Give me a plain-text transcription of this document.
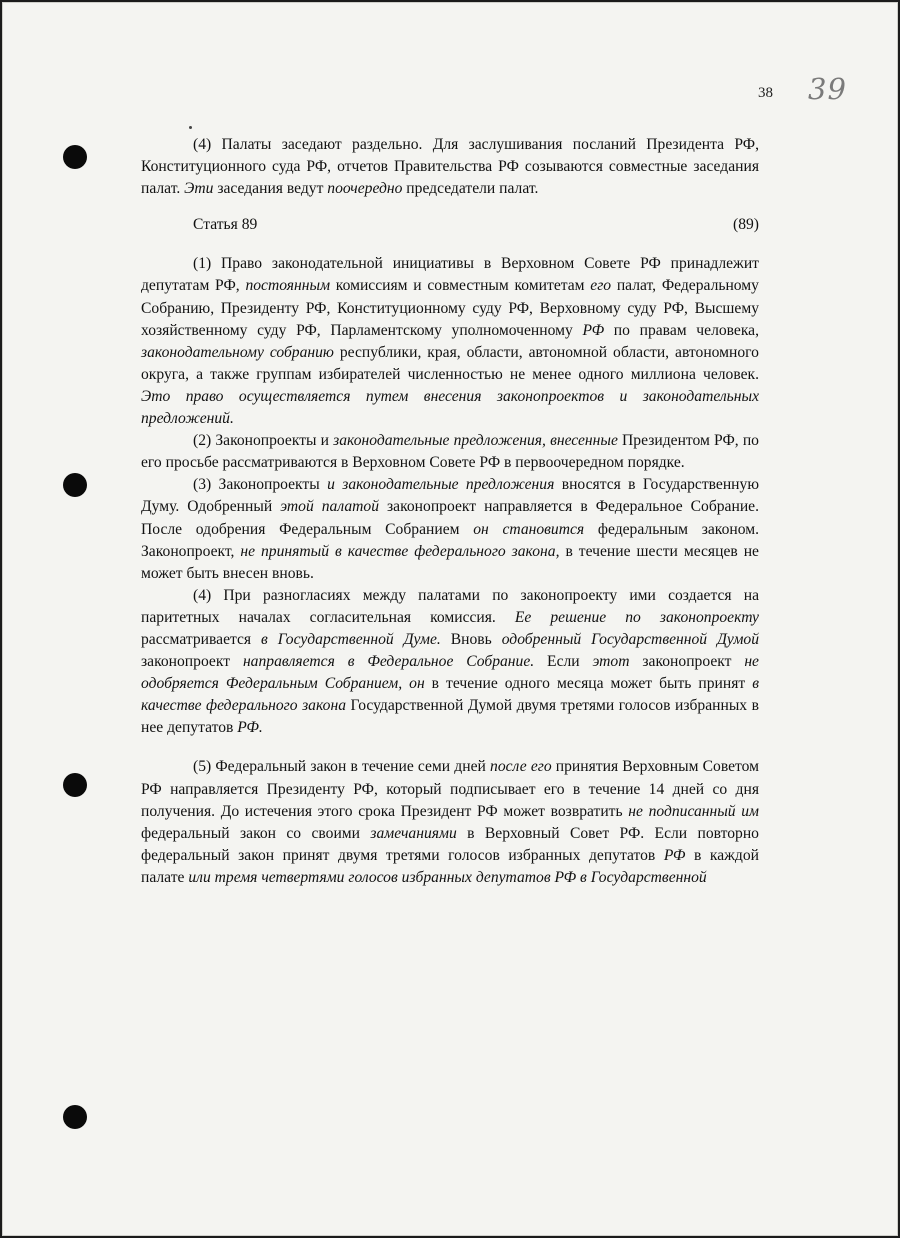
38 39

(4) Палаты заседают раздельно. Для заслушивания посланий Президента РФ, Конституционного суда РФ, отчетов Правительства РФ созываются совместные заседания палат. Эти заседания ведут поочередно председатели палат.

Статья 89	(89)

(1) Право законодательной инициативы в Верховном Совете РФ принадлежит депутатам РФ, постоянным комиссиям и совместным комитетам его палат, Федеральному Собранию, Президенту РФ, Конституционному суду РФ, Верховному суду РФ, Высшему хозяйственному суду РФ, Парламентскому уполномоченному РФ по правам человека, законодательному собранию республики, края, области, автономной области, автономного округа, а также группам избирателей численностью не менее одного миллиона человек. Это право осуществляется путем внесения законопроектов и законодательных предложений.

(2) Законопроекты и законодательные предложения, внесенные Президентом РФ, по его просьбе рассматриваются в Верховном Совете РФ в первоочередном порядке.

(3) Законопроекты и законодательные предложения вносятся в Государственную Думу. Одобренный этой палатой законопроект направляется в Федеральное Собрание. После одобрения Федеральным Собранием он становится федеральным законом. Законопроект, не принятый в качестве федерального закона, в течение шести месяцев не может быть внесен вновь.

(4) При разногласиях между палатами по законопроекту ими создается на паритетных началах согласительная комиссия. Ее решение по законопроекту рассматривается в Государственной Думе. Вновь одобренный Государственной Думой законопроект направляется в Федеральное Собрание. Если этот законопроект не одобряется Федеральным Собранием, он в течение одного месяца может быть принят в качестве федерального закона Государственной Думой двумя третями голосов избранных в нее депутатов РФ.

(5) Федеральный закон в течение семи дней после его принятия Верховным Советом РФ направляется Президенту РФ, который подписывает его в течение 14 дней со дня получения. До истечения этого срока Президент РФ может возвратить не подписанный им федеральный закон со своими замечаниями в Верховный Совет РФ. Если повторно федеральный закон принят двумя третями голосов избранных депутатов РФ в каждой палате или тремя четвертями голосов избранных депутатов РФ в Государственной
